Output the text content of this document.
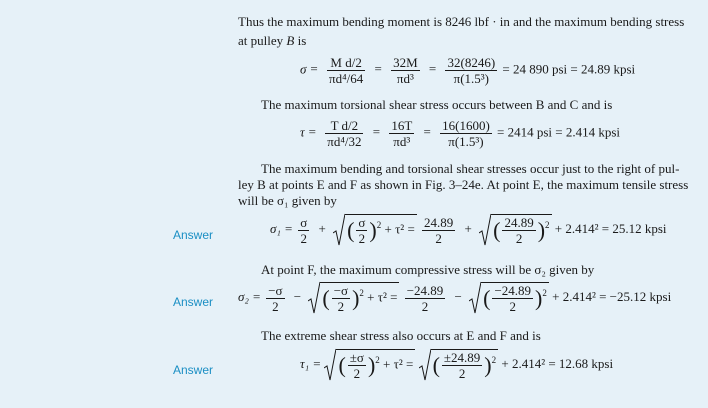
Thus the maximum bending moment is 8246 lbf · in and the maximum bending stress
at pulley B is
$\sigma = \frac{\text{M d/2}}{\text{πd⁴/64}} = \frac{32M}{\text{πd³}} = \frac{32(8246)}{\text{π(1.5³)}} = 24$ 890 psi = 24.89 kpsi
The maximum torsional shear stress occurs between B and C and is
$\tau = \frac{\text{T d/2}}{\text{πd⁴/32}} = \frac{16T}{\text{πd³}} = \frac{16(1600)}{\text{π(1.5³)}} = 2414$ psi = 2.414 kpsi
The maximum bending and torsional shear stresses occur just to the right of pul-
ley B at points E and F as shown in Fig. 3–24e. At point E, the maximum tensile stress
will be σ₁ given by
Answer	$\sigma_1 = \frac{\sigma}{2}$ + ( $\frac{\sigma}{2} )^2 + \tau^2 = \frac{24.89}{2}$ + ( $\frac{24.89}{2} )^2 + 2.414^2 = 25.12$ kpsi
At point F, the maximum compressive stress will be σ₂ given by
Answer $\sigma_2 = \frac{-\sigma}{2}$ − ( $\frac{-\sigma}{2} )^2 + \tau^2 = \frac{-24.89}{2}$ − ( $\frac{-24.89}{2} )^2 + 2.414^2 = -25.12$ kpsi
The extreme shear stress also occurs at E and F and is
Answer	τ₁ = ( $\frac{\pm\sigma}{2} )^2 + \tau^2$ = ( $\frac{\pm 24.89}{2} )^2 + 2.414^2 = 12.68$ kpsi
